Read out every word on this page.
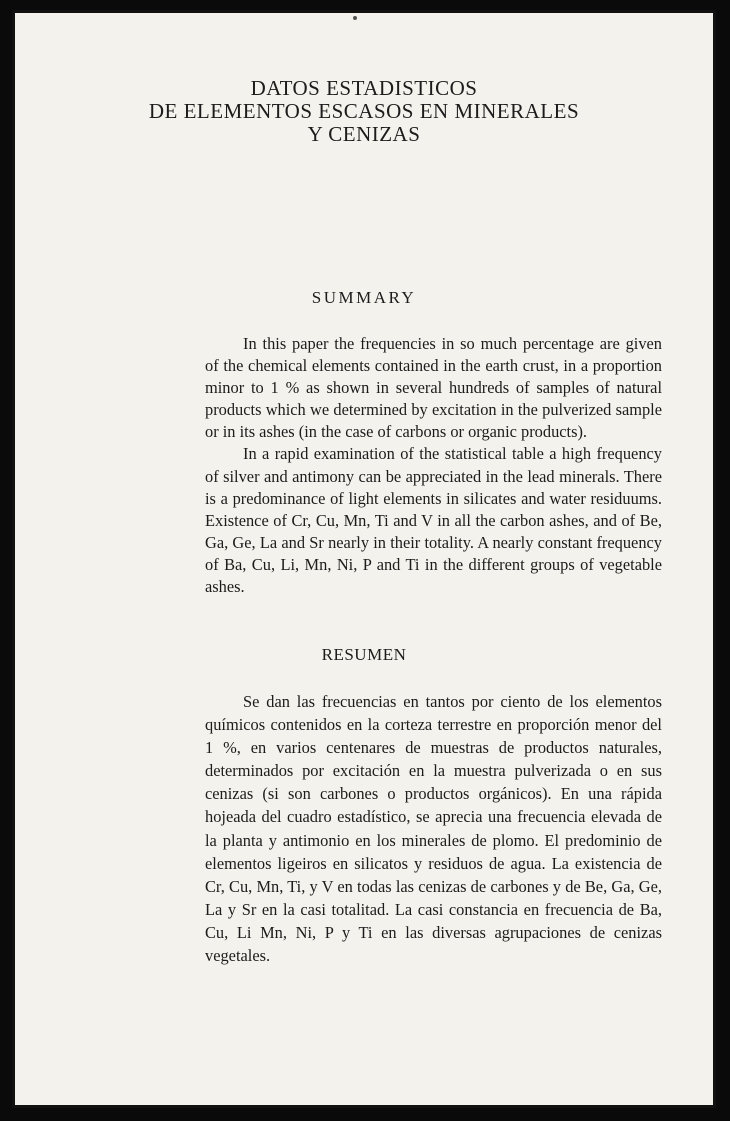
DATOS ESTADISTICOS
DE ELEMENTOS ESCASOS EN MINERALES
Y CENIZAS
SUMMARY

In this paper the frequencies in so much percentage are given of the chemical elements contained in the earth crust, in a proportion minor to 1 % as shown in several hundreds of samples of natural products which we determined by excitation in the pulverized sample or in its ashes (in the case of carbons or organic products).

In a rapid examination of the statistical table a high frequency of silver and antimony can be appreciated in the lead minerals. There is a predominance of light elements in silicates and water residuums. Existence of Cr, Cu, Mn, Ti and V in all the carbon ashes, and of Be, Ga, Ge, La and Sr nearly in their totality. A nearly constant frequency of Ba, Cu, Li, Mn, Ni, P and Ti in the different groups of vegetable ashes.

RESUMEN

Se dan las frecuencias en tantos por ciento de los elementos químicos contenidos en la corteza terrestre en proporción menor del 1 %, en varios centenares de muestras de productos naturales, determinados por excitación en la muestra pulverizada o en sus cenizas (si son carbones o productos orgánicos). En una rápida hojeada del cuadro estadístico, se aprecia una frecuencia elevada de la planta y antimonio en los minerales de plomo. El predominio de elementos ligeiros en silicatos y residuos de agua. La existencia de Cr, Cu, Mn, Ti, y V en todas las cenizas de carbones y de Be, Ga, Ge, La y Sr en la casi totalitad. La casi constancia en frecuencia de Ba, Cu, Li Mn, Ni, P y Ti en las diversas agrupaciones de cenizas vegetales.
